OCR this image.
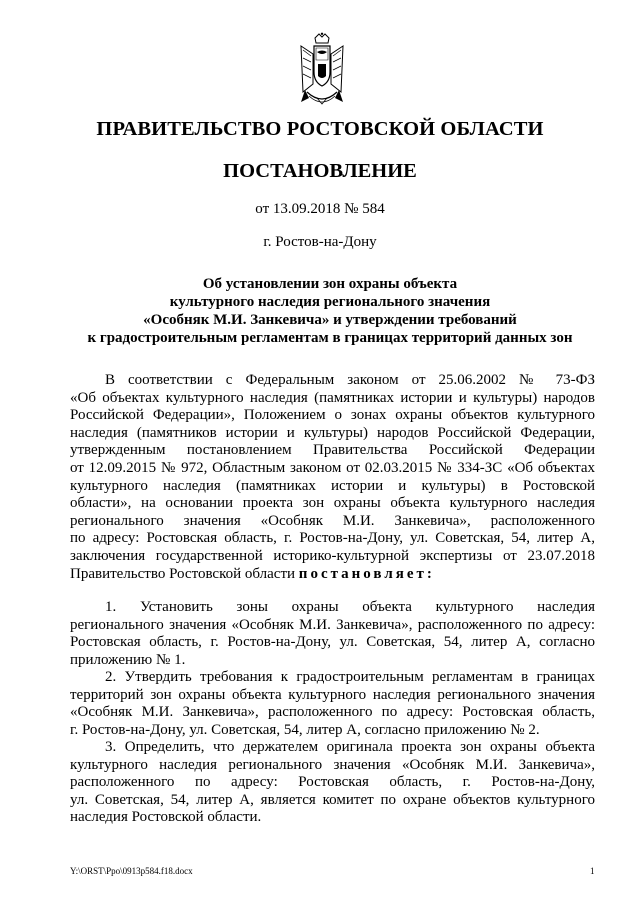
ПРАВИТЕЛЬСТВО РОСТОВСКОЙ ОБЛАСТИ
ПОСТАНОВЛЕНИЕ
от 13.09.2018 № 584
г. Ростов-на-Дону
Об установлении зон охраны объекта
культурного наследия регионального значения
«Особняк М.И. Занкевича» и утверждении требований
к градостроительным регламентам в границах территорий данных зон
В соответствии с Федеральным законом от 25.06.2002 № 73-ФЗ
«Об объектах культурного наследия (памятниках истории и культуры) народов
Российской Федерации», Положением о зонах охраны объектов культурного
наследия (памятников истории и культуры) народов Российской Федерации,
утвержденным постановлением Правительства Российской Федерации
от 12.09.2015 № 972, Областным законом от 02.03.2015 № 334-ЗС «Об объектах
культурного наследия (памятниках истории и культуры) в Ростовской
области», на основании проекта зон охраны объекта культурного наследия
регионального значения «Особняк М.И. Занкевича», расположенного
по адресу: Ростовская область, г. Ростов-на-Дону, ул. Советская, 54, литер А,
заключения государственной историко-культурной экспертизы от 23.07.2018
Правительство Ростовской области постановляет:
1. Установить зоны охраны объекта культурного наследия
регионального значения «Особняк М.И. Занкевича», расположенного по адресу:
Ростовская область, г. Ростов-на-Дону, ул. Советская, 54, литер А, согласно
приложению № 1.
2. Утвердить требования к градостроительным регламентам в границах
территорий зон охраны объекта культурного наследия регионального значения
«Особняк М.И. Занкевича», расположенного по адресу: Ростовская область,
г. Ростов-на-Дону, ул. Советская, 54, литер А, согласно приложению № 2.
3. Определить, что держателем оригинала проекта зон охраны объекта
культурного наследия регионального значения «Особняк М.И. Занкевича»,
расположенного по адресу: Ростовская область, г. Ростов-на-Дону,
ул. Советская, 54, литер А, является комитет по охране объектов культурного
наследия Ростовской области.
Y:\ORST\Ppo\0913p584.f18.docx	1
